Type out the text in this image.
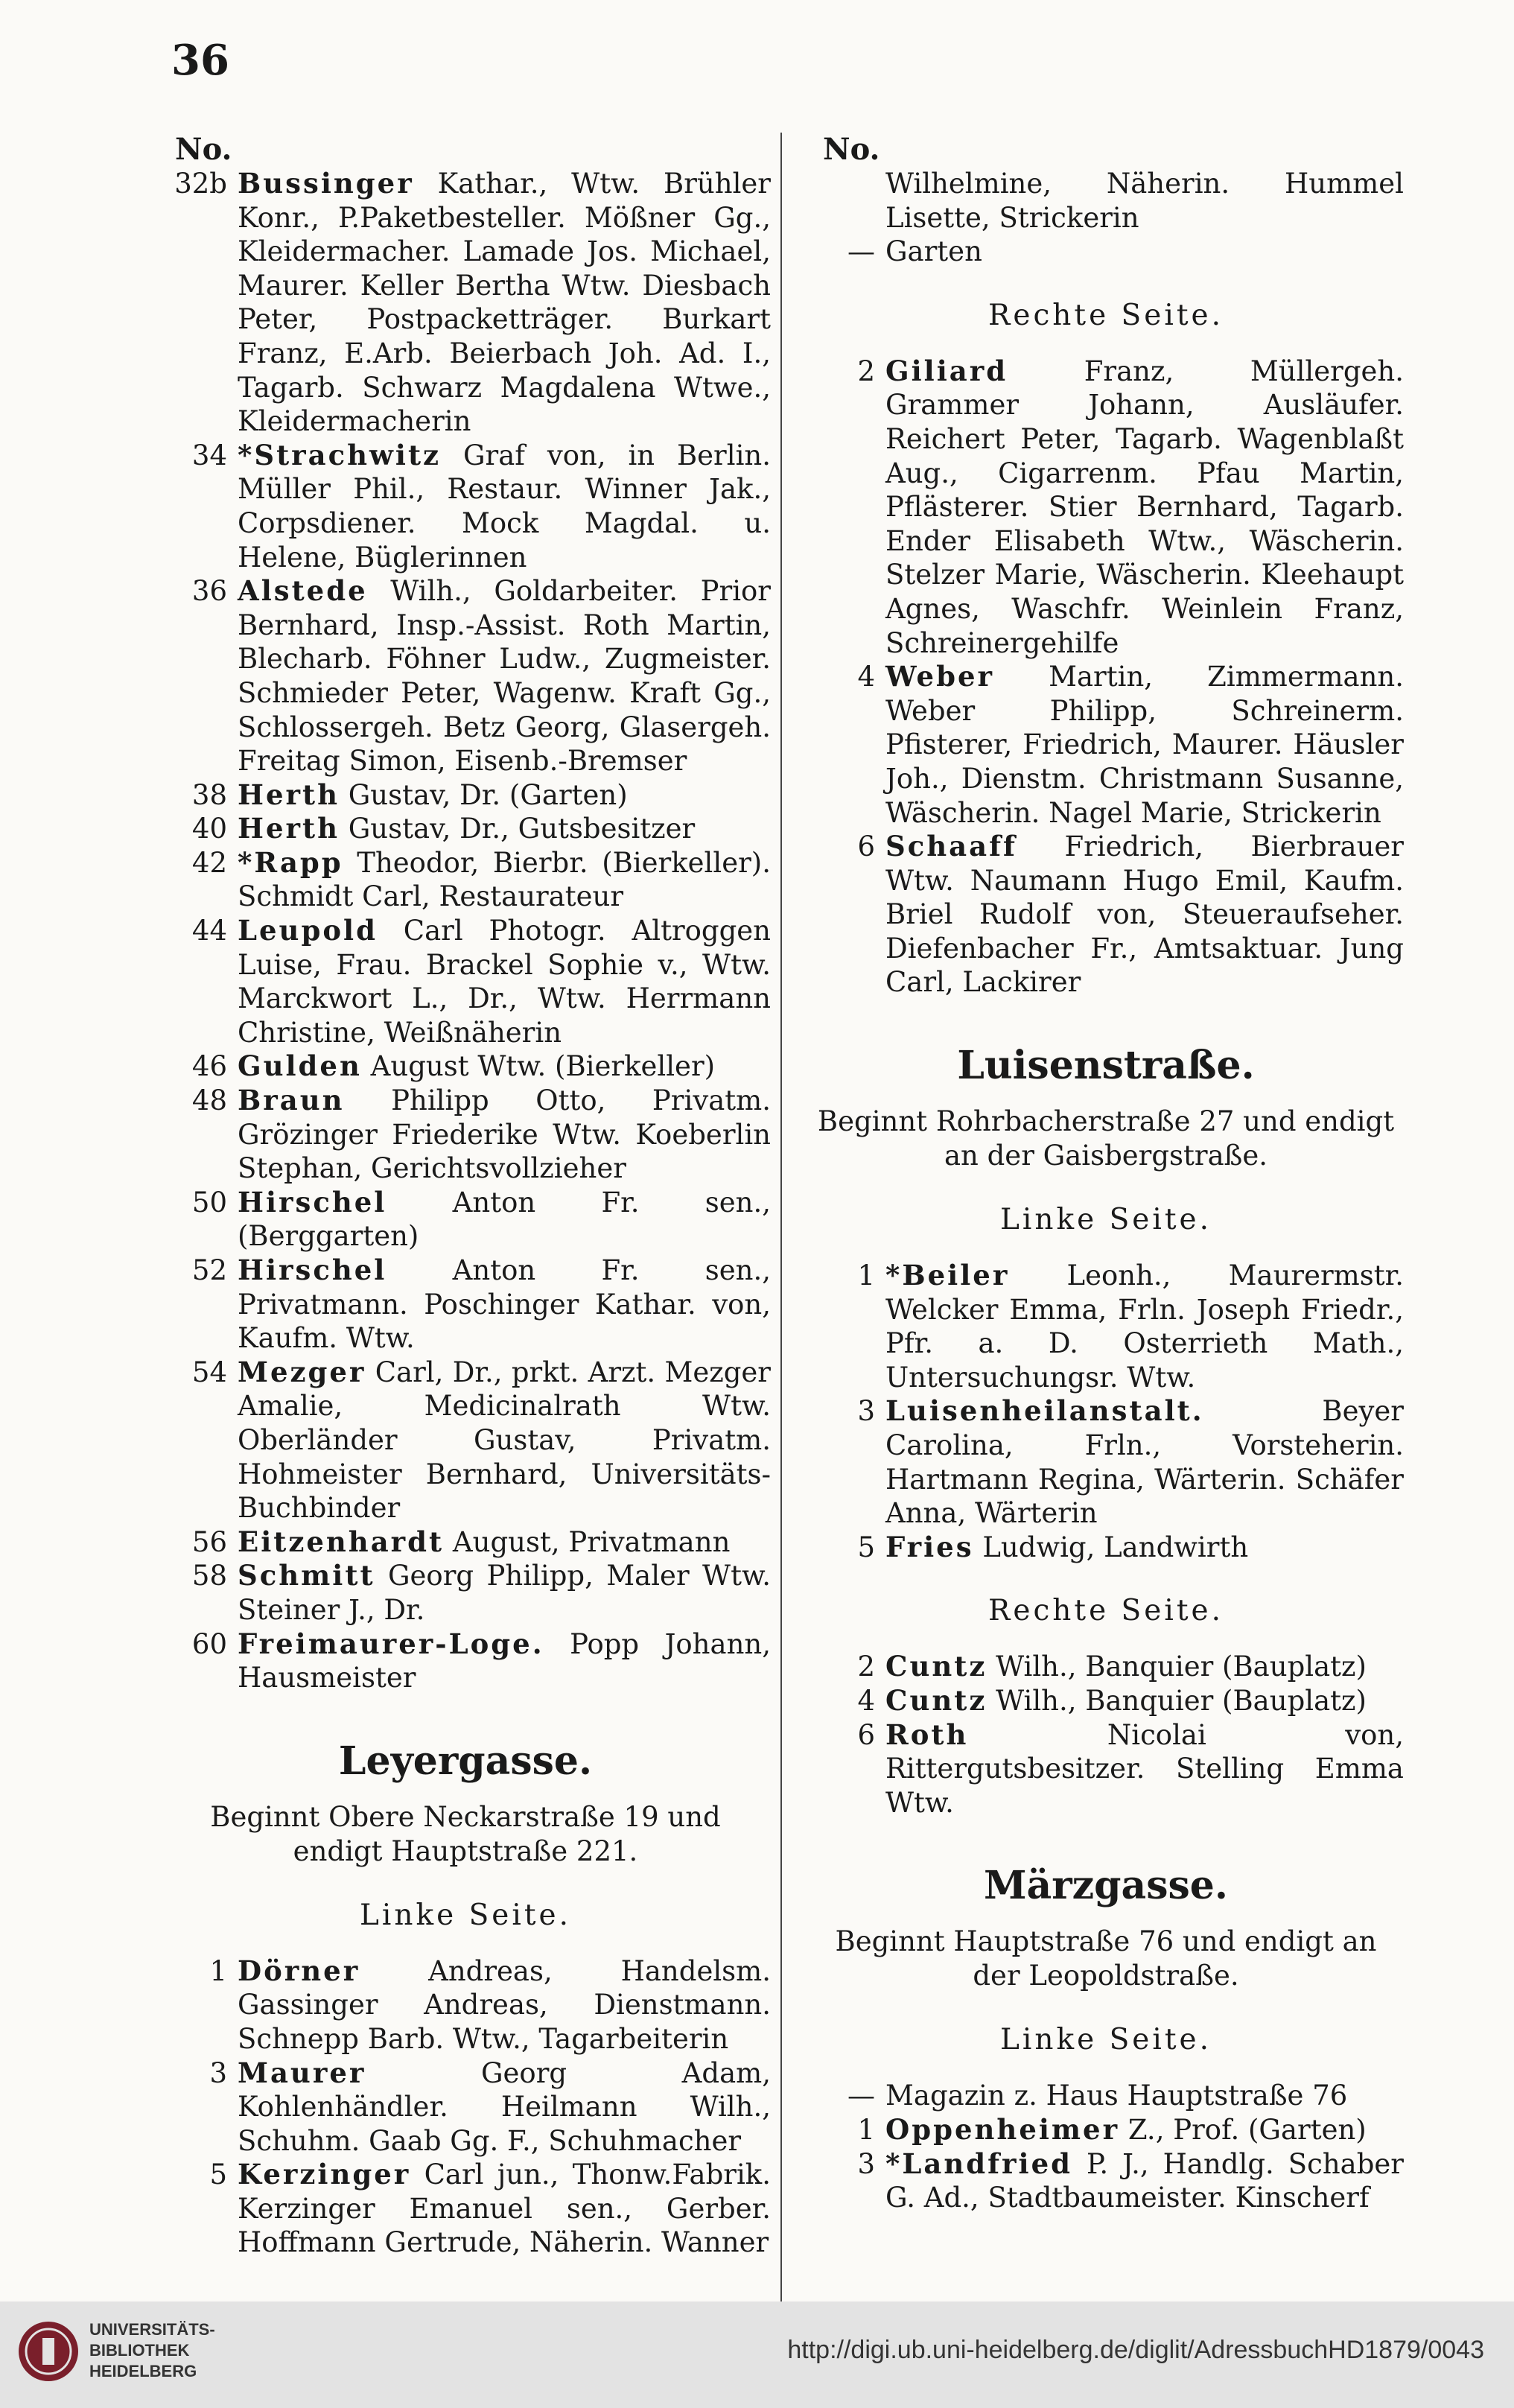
36
No.
32b Bussinger Kathar., Wtw. Brühler Konr., P.Paketbesteller. Mößner Gg., Kleidermacher. Lamade Jos. Michael, Maurer. Keller Bertha Wtw. Diesbach Peter, Postpacketträger. Burkart Franz, E.Arb. Beierbach Joh. Ad. I., Tagarb. Schwarz Magdalena Wtwe., Kleidermacherin
34 *Strachwitz Graf von, in Berlin. Müller Phil., Restaur. Winner Jak., Corpsdiener. Mock Magdal. u. Helene, Büglerinnen
36 Alstede Wilh., Goldarbeiter. Prior Bernhard, Insp.-Assist. Roth Martin, Blecharb. Föhner Ludw., Zugmeister. Schmieder Peter, Wagenw. Kraft Gg., Schlossergeh. Betz Georg, Glasergeh. Freitag Simon, Eisenb.-Bremser
38 Herth Gustav, Dr. (Garten)
40 Herth Gustav, Dr., Gutsbesitzer
42 *Rapp Theodor, Bierbr. (Bierkeller). Schmidt Carl, Restaurateur
44 Leupold Carl Photogr. Altroggen Luise, Frau. Brackel Sophie v., Wtw. Marckwort L., Dr., Wtw. Herrmann Christine, Weißnäherin
46 Gulden August Wtw. (Bierkeller)
48 Braun Philipp Otto, Privatm. Grözinger Friederike Wtw. Koeberlin Stephan, Gerichtsvollzieher
50 Hirschel Anton Fr. sen., (Berggarten)
52 Hirschel Anton Fr. sen., Privatmann. Poschinger Kathar. von, Kaufm. Wtw.
54 Mezger Carl, Dr., prkt. Arzt. Mezger Amalie, Medicinalrath Wtw. Oberländer Gustav, Privatm. Hohmeister Bernhard, Universitäts-Buchbinder
56 Eitzenhardt August, Privatmann
58 Schmitt Georg Philipp, Maler Wtw. Steiner J., Dr.
60 Freimaurer-Loge. Popp Johann, Hausmeister
Leyergasse.
Beginnt Obere Neckarstraße 19 und endigt Hauptstraße 221.
Linke Seite.
1 Dörner Andreas, Handelsm. Gassinger Andreas, Dienstmann. Schnepp Barb. Wtw., Tagarbeiterin
3 Maurer	Georg Adam, Kohlenhändler. Heilmann Wilh., Schuhm. Gaab Gg. F., Schuhmacher
5 Kerzinger Carl jun., Thonw.Fabrik. Kerzinger Emanuel sen., Gerber. Hoffmann Gertrude, Näherin. Wanner
No.
Wilhelmine, Näherin. Hummel Lisette, Strickerin
— Garten
Rechte Seite.
2 Giliard	Franz, Müllergeh. Grammer Johann, Ausläufer. Reichert Peter, Tagarb. Wagenblaßt Aug., Cigarrenm. Pfau Martin, Pflästerer. Stier Bernhard, Tagarb. Ender Elisabeth Wtw., Wäscherin. Stelzer Marie, Wäscherin. Kleehaupt Agnes, Waschfr. Weinlein Franz, Schreinergehilfe
4 Weber Martin, Zimmermann. Weber Philipp, Schreinerm. Pfisterer, Friedrich, Maurer. Häusler Joh., Dienstm. Christmann Susanne, Wäscherin. Nagel Marie, Strickerin
6 Schaaff Friedrich, Bierbrauer Wtw. Naumann Hugo Emil, Kaufm. Briel Rudolf von, Steueraufseher. Diefenbacher Fr., Amtsaktuar. Jung Carl, Lackirer
Luisenstraße.
Beginnt Rohrbacherstraße 27 und endigt an der Gaisbergstraße.
Linke Seite.
1 *Beiler Leonh., Maurermstr. Welcker Emma, Frln. Joseph Friedr., Pfr. a. D. Osterrieth Math., Untersuchungsr. Wtw.
3 Luisenheilanstalt.	Beyer Carolina, Frln., Vorsteherin. Hartmann Regina, Wärterin. Schäfer Anna, Wärterin
5 Fries Ludwig, Landwirth
Rechte Seite.
2 Cuntz Wilh., Banquier (Bauplatz)
4 Cuntz Wilh., Banquier (Bauplatz)
6 Roth	Nicolai von, Rittergutsbesitzer. Stelling Emma Wtw.
Märzgasse.
Beginnt Hauptstraße 76 und endigt an der Leopoldstraße.
Linke Seite.
— Magazin z. Haus Hauptstraße 76
1 Oppenheimer Z., Prof. (Garten)
3 *Landfried P. J., Handlg. Schaber G. Ad., Stadtbaumeister. Kinscherf
UNIVERSITÄTS-
BIBLIOTHEK
HEIDELBERG
http://digi.ub.uni-heidelberg.de/diglit/AdressbuchHD1879/0043
